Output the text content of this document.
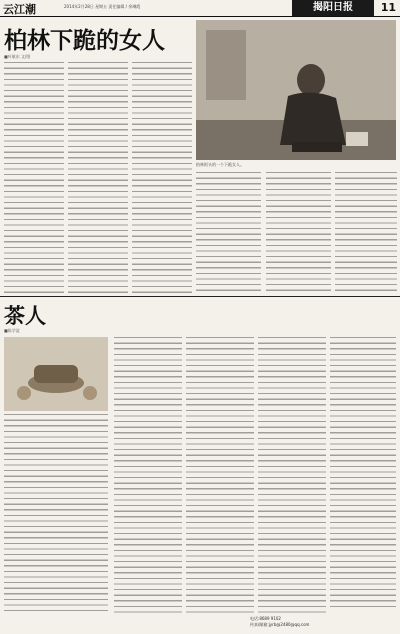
云江潮	2014年2月28日 星期五 责任编辑 / 余琳霞	揭阳日报	11
柏林下跪的女人
■叶耿东 文/图

柏林街头的一个下跪女人。

茶人
■陈学谊
电话:8689 9102
传真/邮箱:jyrb@2480@qq.com
